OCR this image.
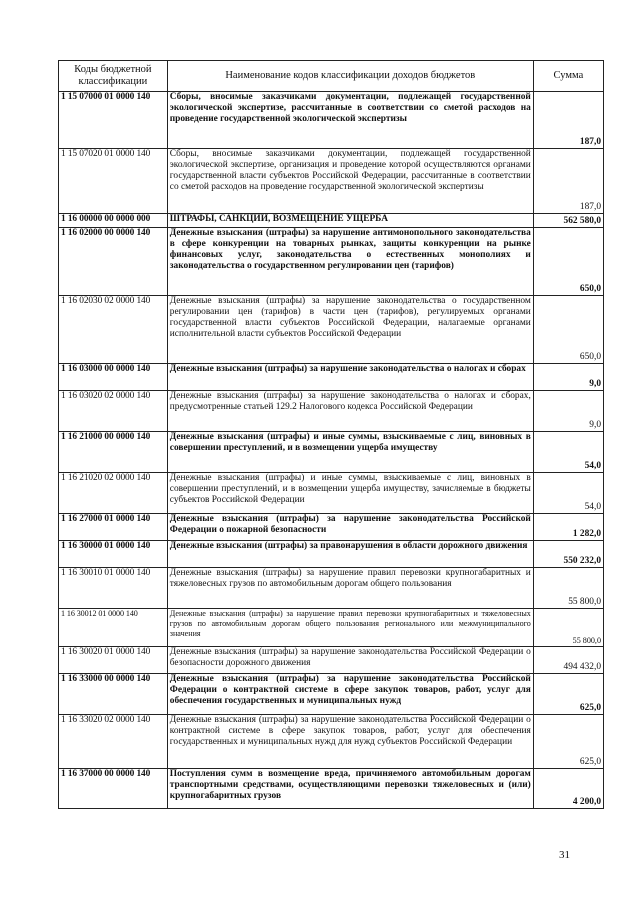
Коды бюджетной классификации	Наименование кодов классификации доходов бюджетов	Сумма
1 15 07000 01 0000 140	Сборы, вносимые заказчиками документации, подлежащей государственной экологической экспертизе, рассчитанные в соответствии со сметой расходов на проведение государственной экологической экспертизы	187,0
1 15 07020 01 0000 140	Сборы, вносимые заказчиками документации, подлежащей государственной экологической экспертизе, организация и проведение которой осуществляются органами государственной власти субъектов Российской Федерации, рассчитанные в соответствии со сметой расходов на проведение государственной экологической экспертизы	187,0
1 16 00000 00 0000 000	ШТРАФЫ, САНКЦИИ, ВОЗМЕЩЕНИЕ УЩЕРБА	562 580,0
1 16 02000 00 0000 140	Денежные взыскания (штрафы) за нарушение антимонопольного законодательства в сфере конкуренции на товарных рынках, защиты конкуренции на рынке финансовых услуг, законодательства о естественных монополиях и законодательства о государственном регулировании цен (тарифов)	650,0
1 16 02030 02 0000 140	Денежные взыскания (штрафы) за нарушение законодательства о государственном регулировании цен (тарифов) в части цен (тарифов), регулируемых органами государственной власти субъектов Российской Федерации, налагаемые органами исполнительной власти субъектов Российской Федерации	650,0
1 16 03000 00 0000 140	Денежные взыскания (штрафы) за нарушение законодательства о налогах и сборах	9,0
1 16 03020 02 0000 140	Денежные взыскания (штрафы) за нарушение законодательства о налогах и сборах, предусмотренные статьей 129.2 Налогового кодекса Российской Федерации	9,0
1 16 21000 00 0000 140	Денежные взыскания (штрафы) и иные суммы, взыскиваемые с лиц, виновных в совершении преступлений, и в возмещении ущерба имуществу	54,0
1 16 21020 02 0000 140	Денежные взыскания (штрафы) и иные суммы, взыскиваемые с лиц, виновных в совершении преступлений, и в возмещении ущерба имуществу, зачисляемые в бюджеты субъектов Российской Федерации	54,0
1 16 27000 01 0000 140	Денежные взыскания (штрафы) за нарушение законодательства Российской Федерации о пожарной безопасности	1 282,0
1 16 30000 01 0000 140	Денежные взыскания (штрафы) за правонарушения в области дорожного движения	550 232,0
1 16 30010 01 0000 140	Денежные взыскания (штрафы) за нарушение правил перевозки крупногабаритных и тяжеловесных грузов по автомобильным дорогам общего пользования	55 800,0
1 16 30012 01 0000 140	Денежные взыскания (штрафы) за нарушение правил перевозки крупногабаритных и тяжеловесных грузов по автомобильным дорогам общего пользования регионального или межмуниципального значения	55 800,0
1 16 30020 01 0000 140	Денежные взыскания (штрафы) за нарушение законодательства Российской Федерации о безопасности дорожного движения	494 432,0
1 16 33000 00 0000 140	Денежные взыскания (штрафы) за нарушение законодательства Российской Федерации о контрактной системе в сфере закупок товаров, работ, услуг для обеспечения государственных и муниципальных нужд	625,0
1 16 33020 02 0000 140	Денежные взыскания (штрафы) за нарушение законодательства Российской Федерации о контрактной системе в сфере закупок товаров, работ, услуг для обеспечения государственных и муниципальных нужд для нужд субъектов Российской Федерации	625,0
1 16 37000 00 0000 140	Поступления сумм в возмещение вреда, причиняемого автомобильным дорогам транспортными средствами, осуществляющими перевозки тяжеловесных и (или) крупногабаритных грузов	4 200,0
31
